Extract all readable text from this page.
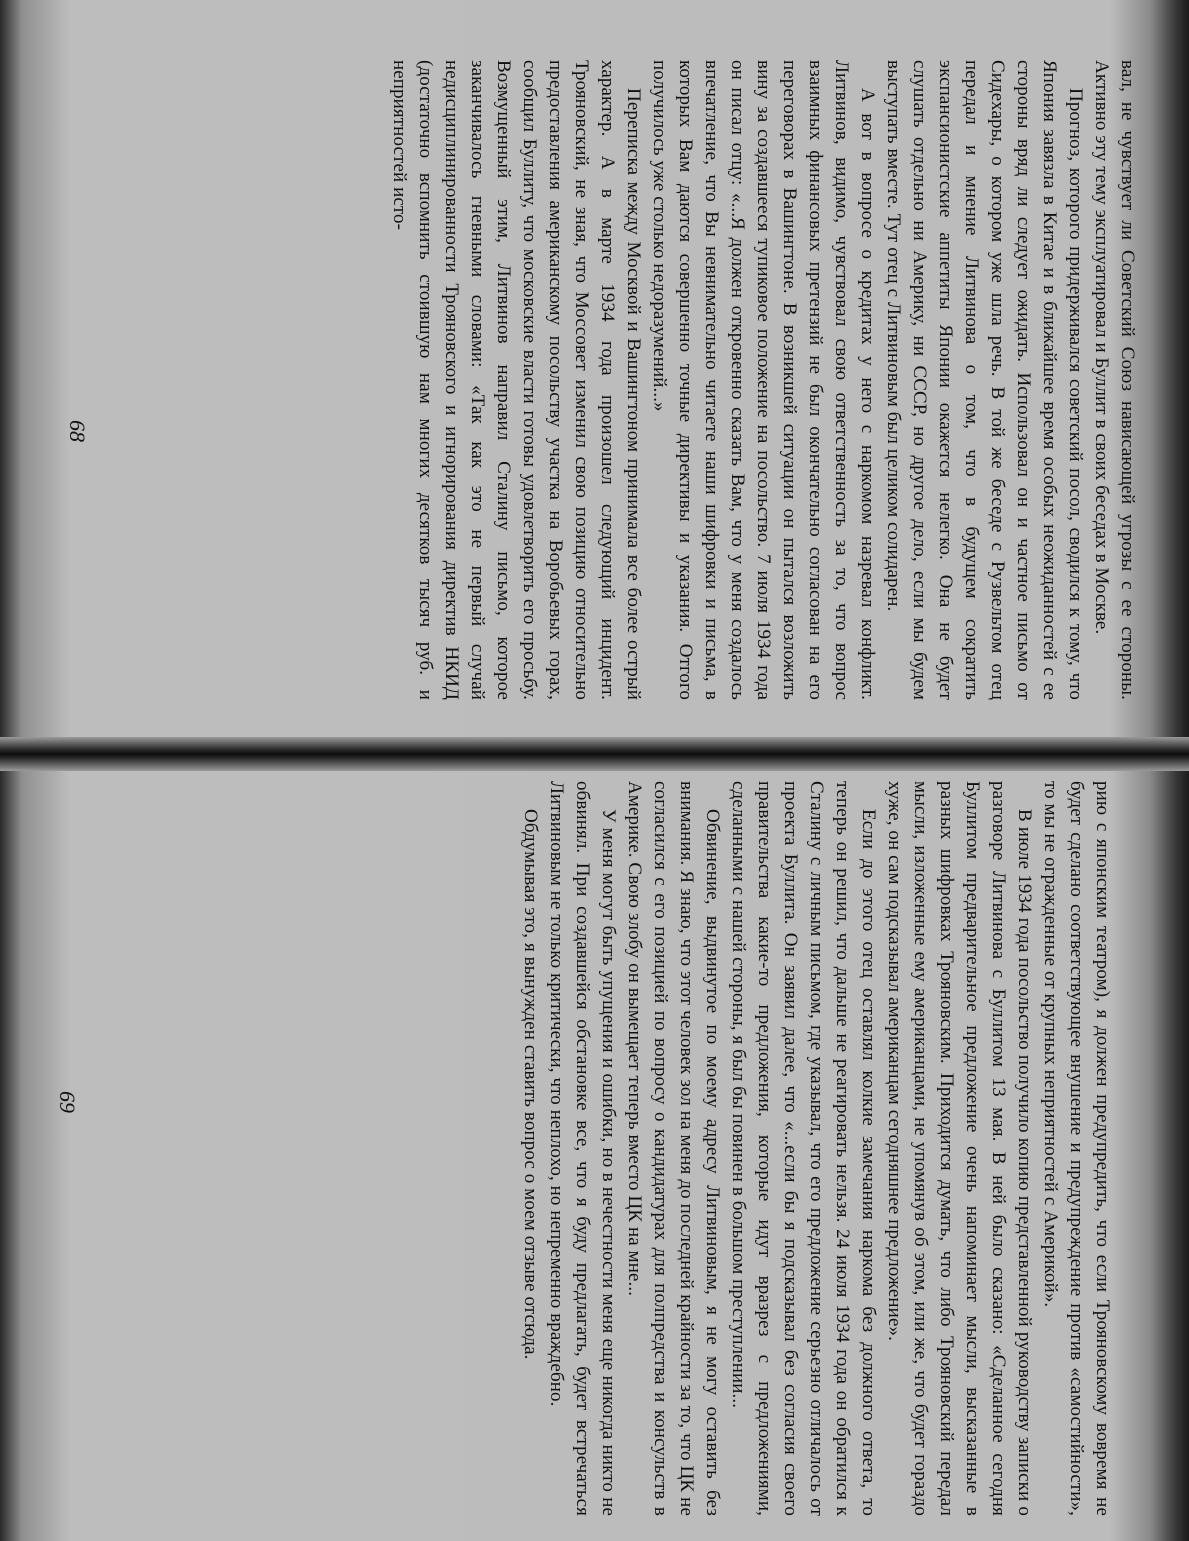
вал, не чувствует ли Советский Союз нависающей угрозы с ее стороны. Активно эту тему эксплуатировал и Буллит в своих беседах в Москве.

Прогноз, которого придерживался советский посол, сводился к тому, что Япония завязла в Китае и в ближайшее время особых неожиданностей с ее стороны вряд ли следует ожидать. Использовал он и частное письмо от Сидехары, о котором уже шла речь. В той же беседе с Рузвельтом отец передал и мнение Литвинова о том, что в будущем сократить экспансионистские аппетиты Японии окажется нелегко. Она не будет слушать отдельно ни Америку, ни СССР, но другое дело, если мы будем выступать вместе. Тут отец с Литвиновым был целиком солидарен.

А вот в вопросе о кредитах у него с наркомом назревал конфликт. Литвинов, видимо, чувствовал свою ответственность за то, что вопрос взаимных финансовых претензий не был окончательно согласован на его переговорах в Вашингтоне. В возникшей ситуации он пытался возложить вину за создавшееся тупиковое положение на посольство. 7 июля 1934 года он писал отцу: «...Я должен откровенно сказать Вам, что у меня создалось впечатление, что Вы невнимательно читаете наши шифровки и письма, в которых Вам даются совершенно точные директивы и указания. Отгого получилось уже столько недоразумений...»

Переписка между Москвой и Вашингтоном принимала все более острый характер. А в марте 1934 года произошел следующий инцидент. Трояновский, не зная, что Моссовет изменил свою позицию относительно предоставления американскому посольству участка на Воробьевых горах, сообщил Буллиту, что московские власти готовы удовлетворить его просьбу. Возмущенный этим, Литвинов направил Сталину письмо, которое заканчивалось гневными словами: «Так как это не первый случай недисциплинированности Трояновского и игнорирования директив НКИД (достаточно вспомнить стоившую нам многих десятков тысяч руб. и неприятностей исто-

68

рию с японским театром), я должен предупредить, что если Трояновскому вовремя не будет сделано соответствующее внушение и предупреждение против «самостийности», то мы не огражденные от крупных неприятностей с Америкой».

В июле 1934 года посольство получило копию представленной руководству записки о разговоре Литвинова с Буллитом 13 мая. В ней было сказано: «Сделанное сегодня Буллитом предварительное предложение очень напоминает мысли, высказанные в разных шифровках Трояновским. Приходится думать, что либо Трояновский передал мысли, изложенные ему американцами, не упомянув об этом, или же, что будет гораздо хуже, он сам подсказывал американцам сегодняшнее предложение».

Если до этого отец оставлял колкие замечания наркома без должного ответа, то теперь он решил, что дальше не реагировать нельзя. 24 июля 1934 года он обратился к Сталину с личным письмом, где указывал, что его предложение серьезно отличалось от проекта Буллита. Он заявил далее, что «...если бы я подсказывал без согласия своего правительства какие-то предложения, которые идут вразрез с предложениями, сделанными с нашей стороны, я был бы повинен в большом преступлении...

Обвинение, выдвинутое по моему адресу Литвиновым, я не могу оставить без внимания. Я знаю, что этот человек зол на меня до последней крайности за то, что ЦК не согласился с его позицией по вопросу о кандидатурах для полпредства и консульств в Америке. Свою злобу он вымещает теперь вместо ЦК на мне...

У меня могут быть упущения и ошибки, но в нечестности меня еще никогда никто не обвинял. При создавшейся обстановке все, что я буду предлагать, будет встречаться Литвиновым не только критически, что неплохо, но непременно враждебно.

Обдумывая это, я вынужден ставить вопрос о моем отзыве отсюда.

69
